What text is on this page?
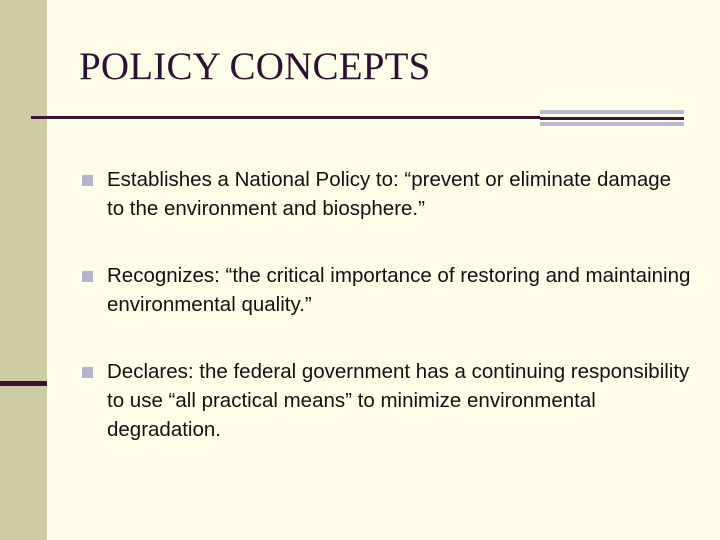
POLICY CONCEPTS
Establishes a National Policy to: “prevent or eliminate damage to the environment and biosphere.”
Recognizes: “the critical importance of restoring and maintaining environmental quality.”
Declares: the federal government has a continuing responsibility to use “all practical means” to minimize environmental degradation.
